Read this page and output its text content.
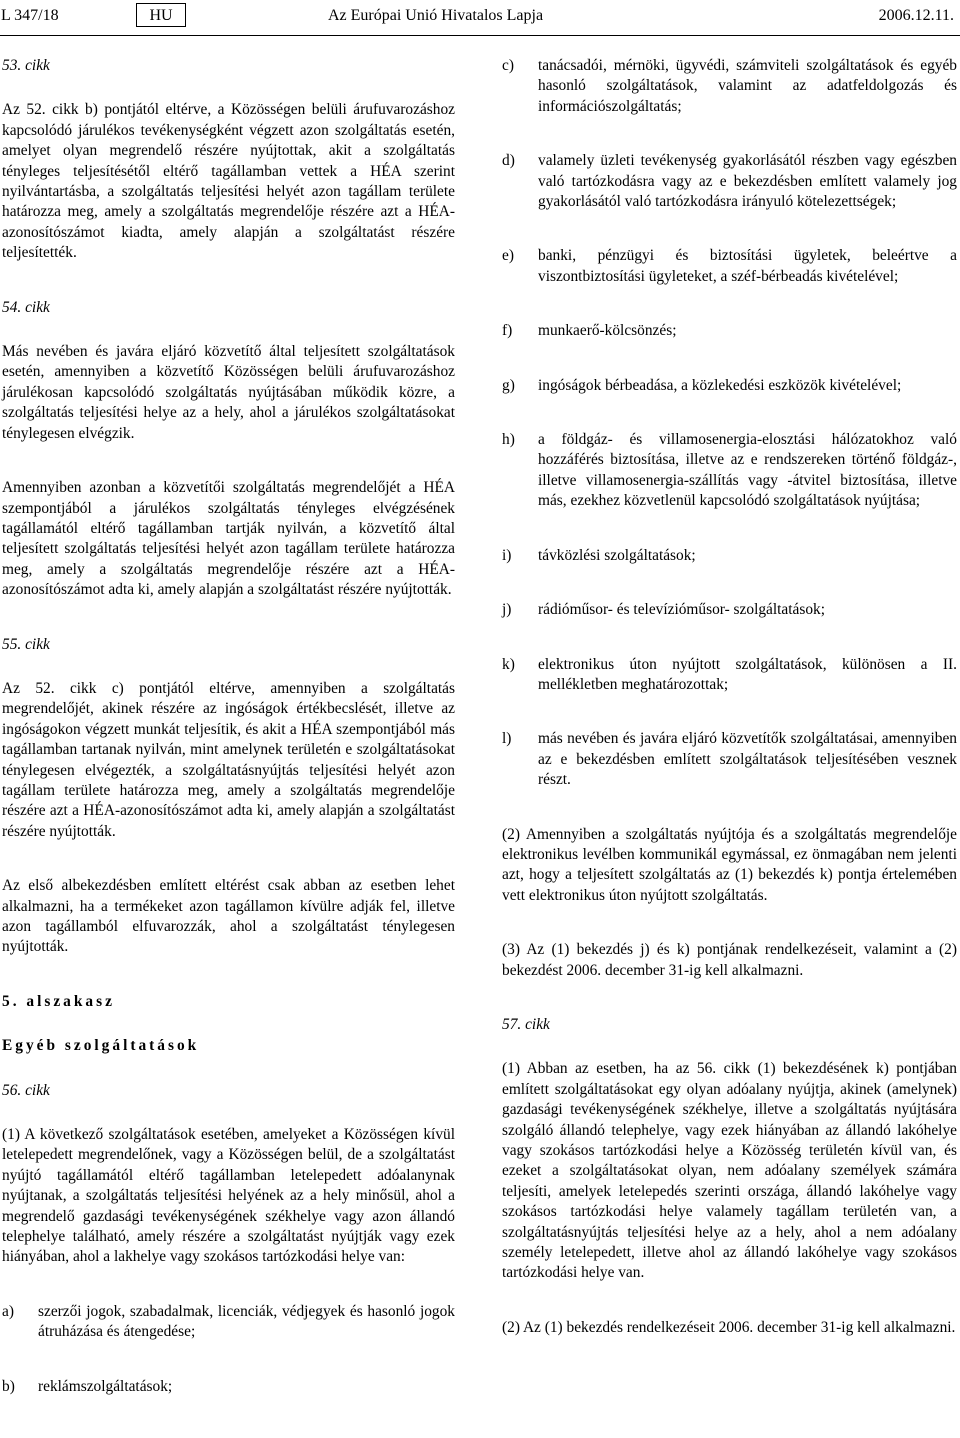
L 347/18	HU	Az Európai Unió Hivatalos Lapja	2006.12.11.

53. cikk

Az 52. cikk b) pontjától eltérve, a Közösségen belüli árufuvarozáshoz kapcsolódó járulékos tevékenységként végzett azon szolgáltatás esetén, amelyet olyan megrendelő részére nyújtottak, akit a szolgáltatás tényleges teljesítésétől eltérő tagállamban vettek a HÉA szerint nyilvántartásba, a szolgáltatás teljesítési helyét azon tagállam területe határozza meg, amely a szolgáltatás megrendelője részére azt a HÉA-azonosítószámot kiadta, amely alapján a szolgáltatást részére teljesítették.

54. cikk

Más nevében és javára eljáró közvetítő által teljesített szolgáltatások esetén, amennyiben a közvetítő Közösségen belüli árufuvarozáshoz járulékosan kapcsolódó szolgáltatás nyújtásában működik közre, a szolgáltatás teljesítési helye az a hely, ahol a járulékos szolgáltatásokat ténylegesen elvégzik.

Amennyiben azonban a közvetítői szolgáltatás megrendelőjét a HÉA szempontjából a járulékos szolgáltatás tényleges elvégzésének tagállamától eltérő tagállamban tartják nyilván, a közvetítő által teljesített szolgáltatás teljesítési helyét azon tagállam területe határozza meg, amely a szolgáltatás megrendelője részére azt a HÉA-azonosítószámot adta ki, amely alapján a szolgáltatást részére nyújtották.

55. cikk

Az 52. cikk c) pontjától eltérve, amennyiben a szolgáltatás megrendelőjét, akinek részére az ingóságok értékbecslését, illetve az ingóságokon végzett munkát teljesítik, és akit a HÉA szempontjából más tagállamban tartanak nyilván, mint amelynek területén e szolgáltatásokat ténylegesen elvégezték, a szolgáltatásnyújtás teljesítési helyét azon tagállam területe határozza meg, amely a szolgáltatás megrendelője részére azt a HÉA-azonosítószámot adta ki, amely alapján a szolgáltatást részére nyújtották.

Az első albekezdésben említett eltérést csak abban az esetben lehet alkalmazni, ha a termékeket azon tagállamon kívülre adják fel, illetve azon tagállamból elfuvarozzák, ahol a szolgáltatást ténylegesen nyújtották.

5. alszakasz

Egyéb szolgáltatások

56. cikk

(1) A következő szolgáltatások esetében, amelyeket a Közösségen kívül letelepedett megrendelőnek, vagy a Közösségen belül, de a szolgáltatást nyújtó tagállamától eltérő tagállamban letelepedett adóalanynak nyújtanak, a szolgáltatás teljesítési helyének az a hely minősül, ahol a megrendelő gazdasági tevékenységének székhelye vagy azon állandó telephelye található, amely részére a szolgáltatást nyújtják vagy ezek hiányában, ahol a lakhelye vagy szokásos tartózkodási helye van:

a)	szerzői jogok, szabadalmak, licenciák, védjegyek és hasonló jogok átruházása és átengedése;
b)	reklámszolgáltatások;
c)	tanácsadói, mérnöki, ügyvédi, számviteli szolgáltatások és egyéb hasonló szolgáltatások, valamint az adatfeldolgozás és információszolgáltatás;
d)	valamely üzleti tevékenység gyakorlásától részben vagy egészben való tartózkodásra vagy az e bekezdésben említett valamely jog gyakorlásától való tartózkodásra irányuló kötelezettségek;
e)	banki, pénzügyi és biztosítási ügyletek, beleértve a viszontbiztosítási ügyleteket, a széf-bérbeadás kivételével;
f)	munkaerő-kölcsönzés;
g)	ingóságok bérbeadása, a közlekedési eszközök kivételével;
h)	a földgáz- és villamosenergia-elosztási hálózatokhoz való hozzáférés biztosítása, illetve az e rendszereken történő földgáz-, illetve villamosenergia-szállítás vagy -átvitel biztosítása, illetve más, ezekhez közvetlenül kapcsolódó szolgáltatások nyújtása;
i)	távközlési szolgáltatások;
j)	rádióműsor- és televízióműsor- szolgáltatások;
k)	elektronikus úton nyújtott szolgáltatások, különösen a II. mellékletben meghatározottak;
l)	más nevében és javára eljáró közvetítők szolgáltatásai, amennyiben az e bekezdésben említett szolgáltatások teljesítésében vesznek részt.

(2) Amennyiben a szolgáltatás nyújtója és a szolgáltatás megrendelője elektronikus levélben kommunikál egymással, ez önmagában nem jelenti azt, hogy a teljesített szolgáltatás az (1) bekezdés k) pontja értelemében vett elektronikus úton nyújtott szolgáltatás.

(3) Az (1) bekezdés j) és k) pontjának rendelkezéseit, valamint a (2) bekezdést 2006. december 31-ig kell alkalmazni.

57. cikk

(1) Abban az esetben, ha az 56. cikk (1) bekezdésének k) pontjában említett szolgáltatásokat egy olyan adóalany nyújtja, akinek (amelynek) gazdasági tevékenységének székhelye, illetve a szolgáltatás nyújtására szolgáló állandó telephelye, vagy ezek hiányában az állandó lakóhelye vagy szokásos tartózkodási helye a Közösség területén kívül van, és ezeket a szolgáltatásokat olyan, nem adóalany személyek számára teljesíti, amelyek letelepedés szerinti országa, állandó lakóhelye vagy szokásos tartózkodási helye valamely tagállam területén van, a szolgáltatásnyújtás teljesítési helye az a hely, ahol a nem adóalany személy letelepedett, illetve ahol az állandó lakóhelye vagy szokásos tartózkodási helye van.

(2) Az (1) bekezdés rendelkezéseit 2006. december 31-ig kell alkalmazni.
